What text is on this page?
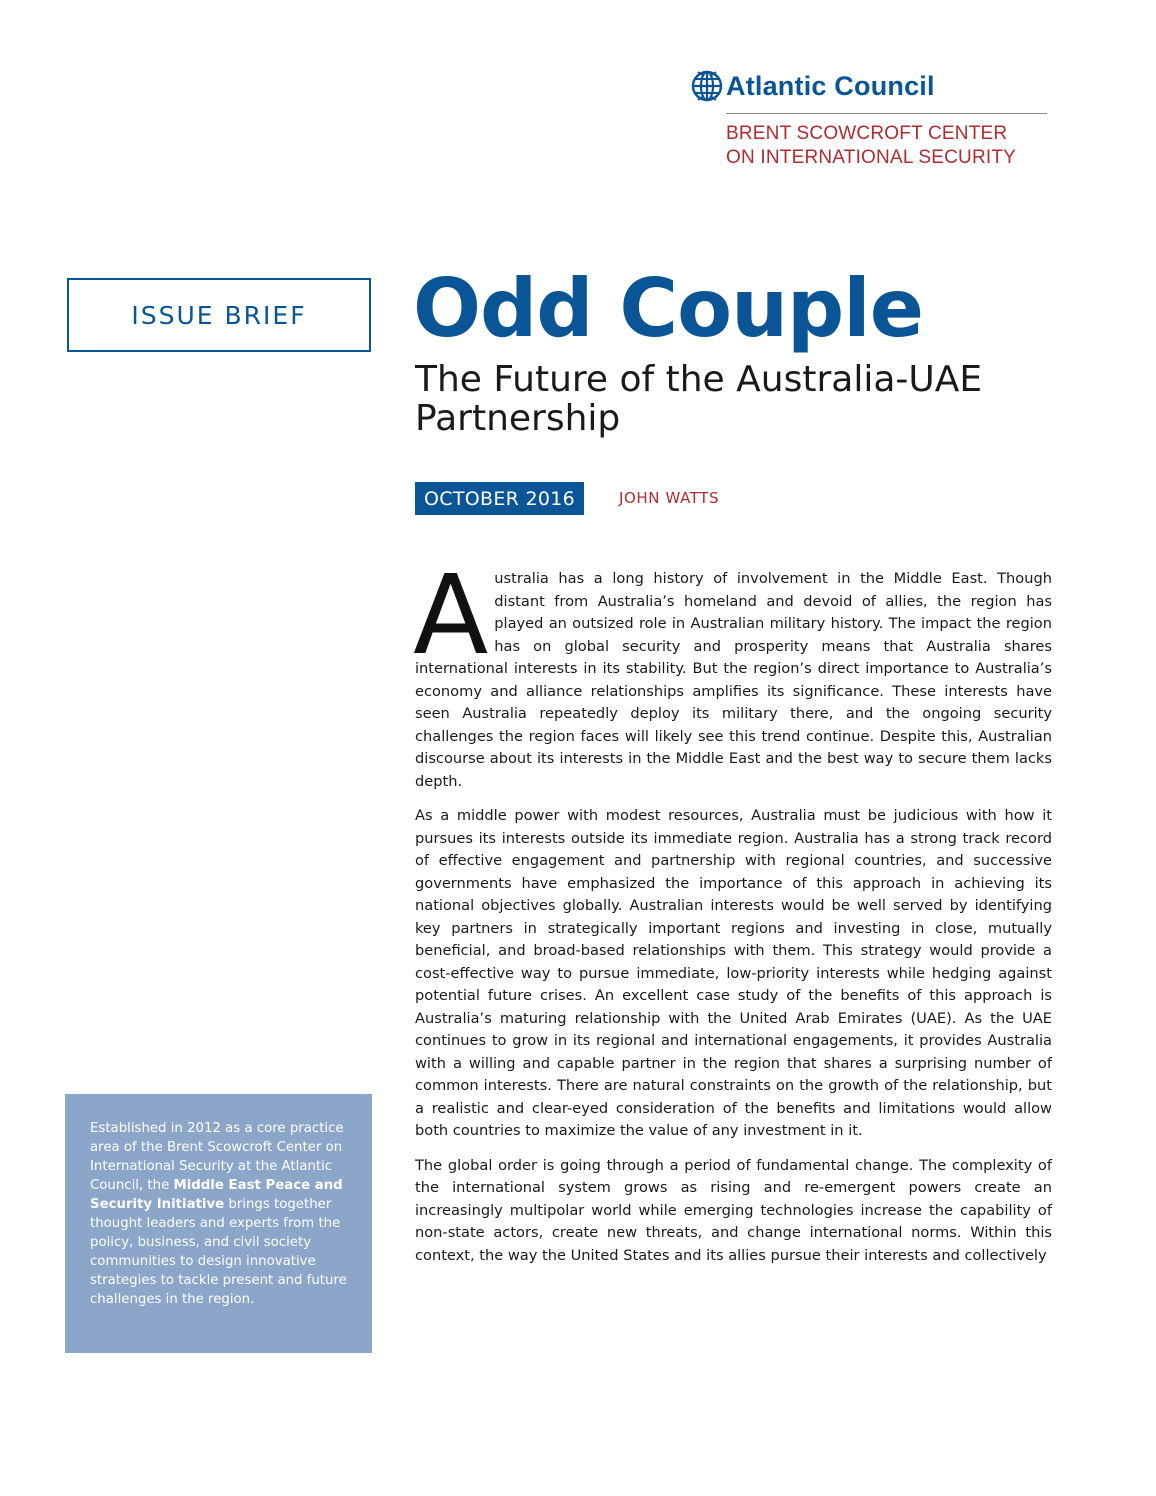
Atlantic Council
BRENT SCOWCROFT CENTER
ON INTERNATIONAL SECURITY
ISSUE BRIEF Odd Couple
The Future of the Australia-UAE Partnership
OCTOBER 2016	JOHN WATTS

Australia has a long history of involvement in the Middle East. Though distant from Australia’s homeland and devoid of allies, the region has played an outsized role in Australian military history. The impact the region has on global security and prosperity means that Australia shares international interests in its stability. But the region’s direct importance to Australia’s economy and alliance relationships amplifies its significance. These interests have seen Australia repeatedly deploy its military there, and the ongoing security challenges the region faces will likely see this trend continue. Despite this, Australian discourse about its interests in the Middle East and the best way to secure them lacks depth.

As a middle power with modest resources, Australia must be judicious with how it pursues its interests outside its immediate region. Australia has a strong track record of effective engagement and partnership with regional countries, and successive governments have emphasized the importance of this approach in achieving its national objectives globally. Australian interests would be well served by identifying key partners in strategically important regions and investing in close, mutually beneficial, and broad-based relationships with them. This strategy would provide a cost-effective way to pursue immediate, low-priority interests while hedging against potential future crises. An excellent case study of the benefits of this approach is Australia’s maturing relationship with the United Arab Emirates (UAE). As the UAE continues to grow in its regional and international engagements, it provides Australia with a willing and capable partner in the region that shares a surprising number of common interests. There are natural constraints on the growth of the relationship, but a realistic and clear-eyed consideration of the benefits and limitations would allow both countries to maximize the value of any investment in it.

The global order is going through a period of fundamental change. The complexity of the international system grows as rising and re-emergent powers create an increasingly multipolar world while emerging technologies increase the capability of non-state actors, create new threats, and change international norms. Within this context, the way the United States and its allies pursue their interests and collectively

Established in 2012 as a core practice area of the Brent Scowcroft Center on International Security at the Atlantic Council, the Middle East Peace and Security Initiative brings together thought leaders and experts from the policy, business, and civil society communities to design innovative strategies to tackle present and future challenges in the region.
